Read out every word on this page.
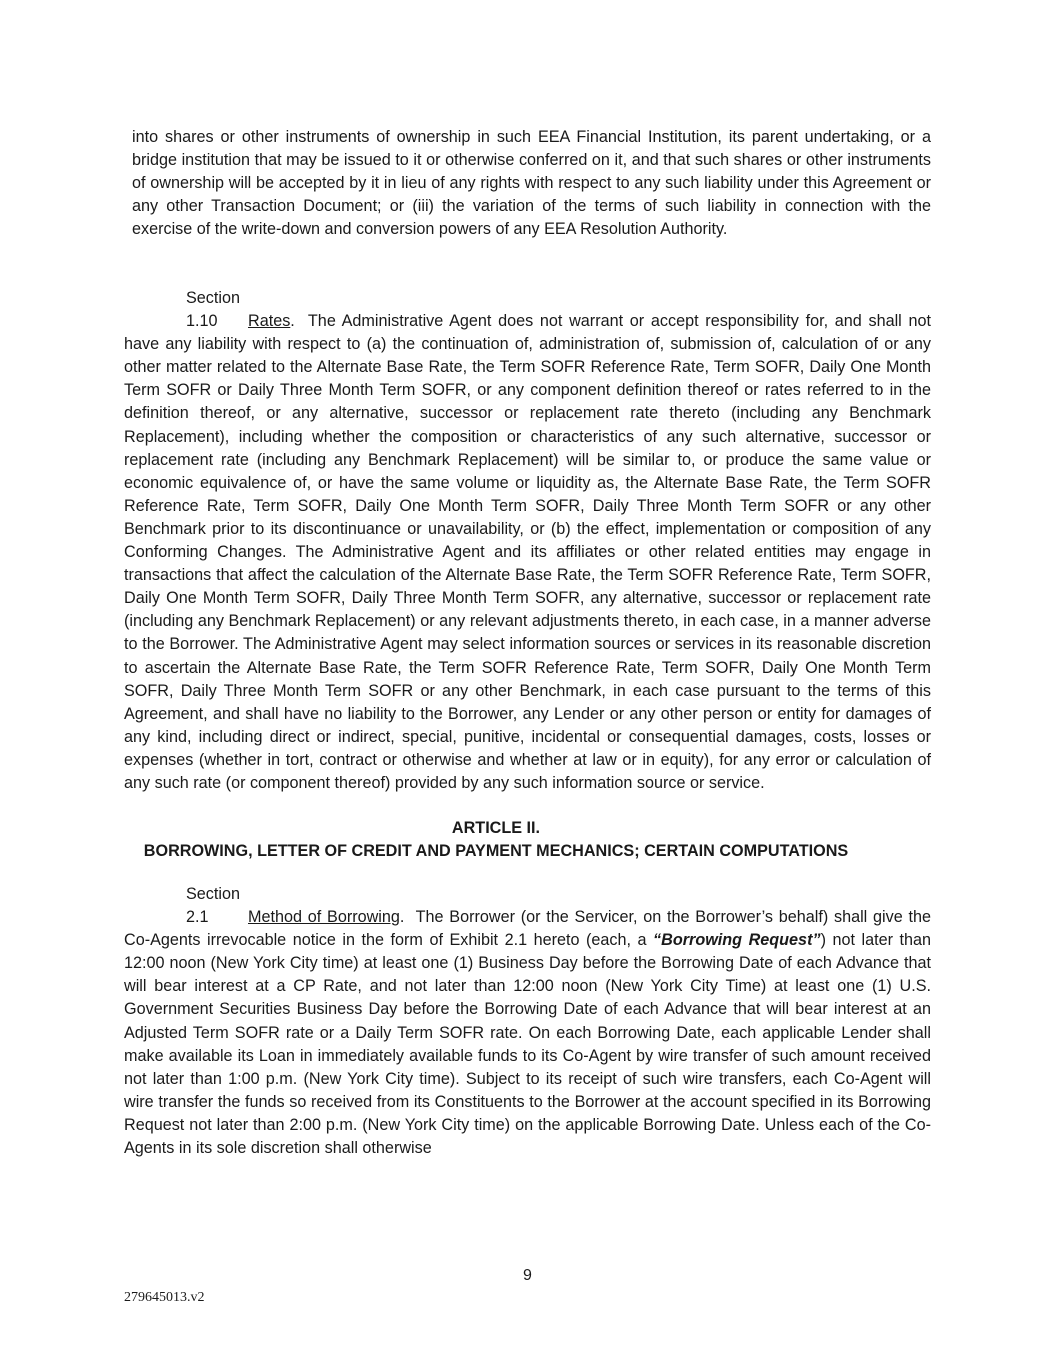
into shares or other instruments of ownership in such EEA Financial Institution, its parent undertaking, or a bridge institution that may be issued to it or otherwise conferred on it, and that such shares or other instruments of ownership will be accepted by it in lieu of any rights with respect to any such liability under this Agreement or any other Transaction Document; or (iii) the variation of the terms of such liability in connection with the exercise of the write-down and conversion powers of any EEA Resolution Authority.

Section 1.10 Rates. The Administrative Agent does not warrant or accept responsibility for, and shall not have any liability with respect to (a) the continuation of, administration of, submission of, calculation of or any other matter related to the Alternate Base Rate, the Term SOFR Reference Rate, Term SOFR, Daily One Month Term SOFR or Daily Three Month Term SOFR, or any component definition thereof or rates referred to in the definition thereof, or any alternative, successor or replacement rate thereto (including any Benchmark Replacement), including whether the composition or characteristics of any such alternative, successor or replacement rate (including any Benchmark Replacement) will be similar to, or produce the same value or economic equivalence of, or have the same volume or liquidity as, the Alternate Base Rate, the Term SOFR Reference Rate, Term SOFR, Daily One Month Term SOFR, Daily Three Month Term SOFR or any other Benchmark prior to its discontinuance or unavailability, or (b) the effect, implementation or composition of any Conforming Changes. The Administrative Agent and its affiliates or other related entities may engage in transactions that affect the calculation of the Alternate Base Rate, the Term SOFR Reference Rate, Term SOFR, Daily One Month Term SOFR, Daily Three Month Term SOFR, any alternative, successor or replacement rate (including any Benchmark Replacement) or any relevant adjustments thereto, in each case, in a manner adverse to the Borrower. The Administrative Agent may select information sources or services in its reasonable discretion to ascertain the Alternate Base Rate, the Term SOFR Reference Rate, Term SOFR, Daily One Month Term SOFR, Daily Three Month Term SOFR or any other Benchmark, in each case pursuant to the terms of this Agreement, and shall have no liability to the Borrower, any Lender or any other person or entity for damages of any kind, including direct or indirect, special, punitive, incidental or consequential damages, costs, losses or expenses (whether in tort, contract or otherwise and whether at law or in equity), for any error or calculation of any such rate (or component thereof) provided by any such information source or service.

ARTICLE II.

BORROWING, LETTER OF CREDIT AND PAYMENT MECHANICS; CERTAIN COMPUTATIONS

Section 2.1 Method of Borrowing. The Borrower (or the Servicer, on the Borrower’s behalf) shall give the Co-Agents irrevocable notice in the form of Exhibit 2.1 hereto (each, a “Borrowing Request”) not later than 12:00 noon (New York City time) at least one (1) Business Day before the Borrowing Date of each Advance that will bear interest at a CP Rate, and not later than 12:00 noon (New York City Time) at least one (1) U.S. Government Securities Business Day before the Borrowing Date of each Advance that will bear interest at an Adjusted Term SOFR rate or a Daily Term SOFR rate. On each Borrowing Date, each applicable Lender shall make available its Loan in immediately available funds to its Co-Agent by wire transfer of such amount received not later than 1:00 p.m. (New York City time). Subject to its receipt of such wire transfers, each Co-Agent will wire transfer the funds so received from its Constituents to the Borrower at the account specified in its Borrowing Request not later than 2:00 p.m. (New York City time) on the applicable Borrowing Date. Unless each of the Co-Agents in its sole discretion shall otherwise

9
279645013.v2
